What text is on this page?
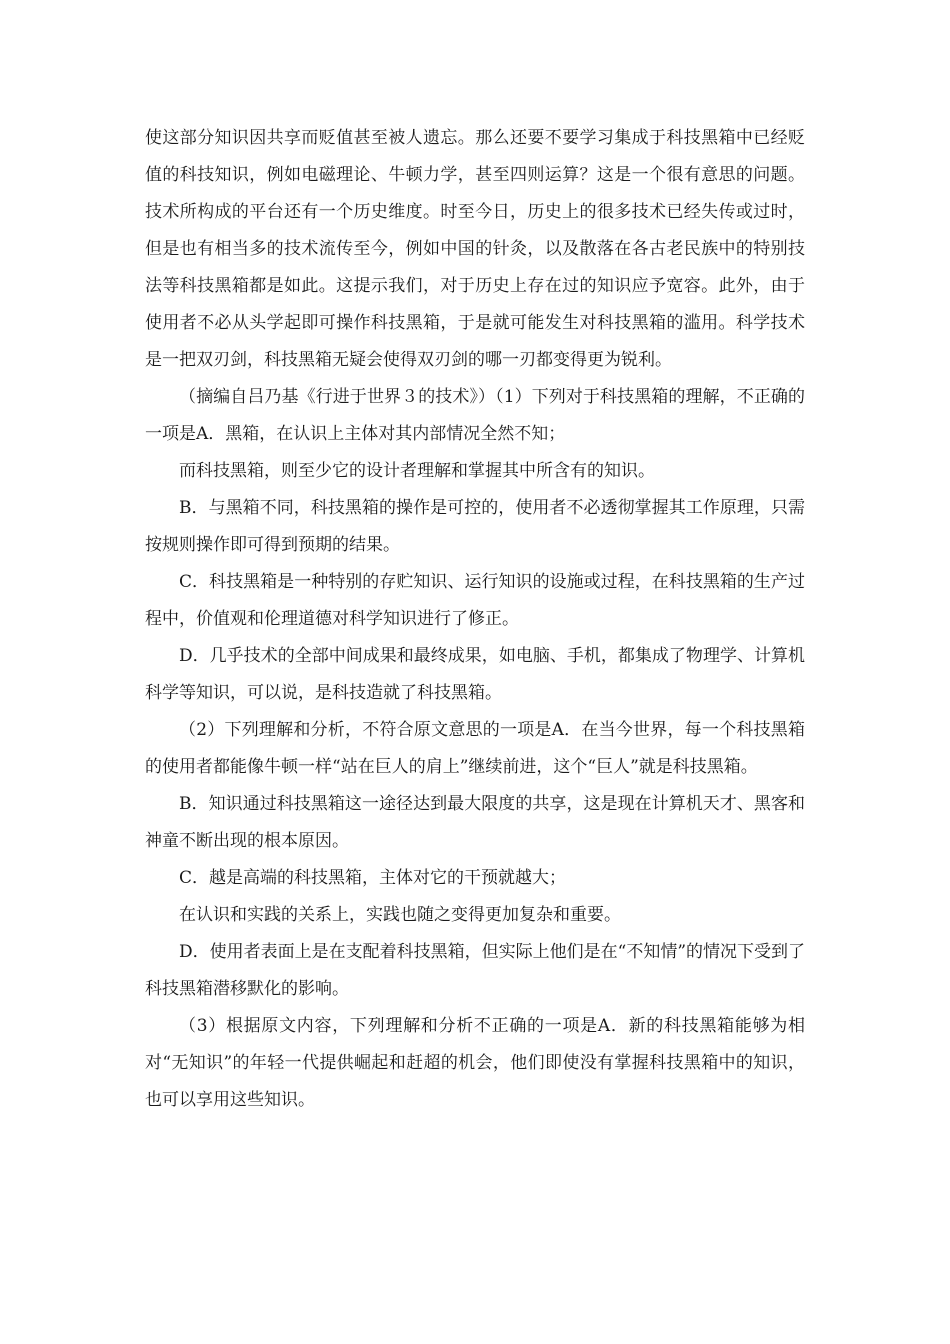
使这部分知识因共享而贬值甚至被人遗忘。那么还要不要学习集成于科技黑箱中已经贬值的科技知识，例如电磁理论、牛顿力学，甚至四则运算？这是一个很有意思的问题。技术所构成的平台还有一个历史维度。时至今日，历史上的很多技术已经失传或过时，但是也有相当多的技术流传至今，例如中国的针灸，以及散落在各古老民族中的特别技法等科技黑箱都是如此。这提示我们，对于历史上存在过的知识应予宽容。此外，由于使用者不必从头学起即可操作科技黑箱，于是就可能发生对科技黑箱的滥用。科学技术是一把双刃剑，科技黑箱无疑会使得双刃剑的哪一刃都变得更为锐利。

（摘编自吕乃基《行进于世界３的技术》）（1）下列对于科技黑箱的理解，不正确的一项是A．黑箱，在认识上主体对其内部情况全然不知；

而科技黑箱，则至少它的设计者理解和掌握其中所含有的知识。

B．与黑箱不同，科技黑箱的操作是可控的，使用者不必透彻掌握其工作原理，只需按规则操作即可得到预期的结果。

C．科技黑箱是一种特别的存贮知识、运行知识的设施或过程，在科技黑箱的生产过程中，价值观和伦理道德对科学知识进行了修正。

D．几乎技术的全部中间成果和最终成果，如电脑、手机，都集成了物理学、计算机科学等知识，可以说，是科技造就了科技黑箱。

（2）下列理解和分析，不符合原文意思的一项是A．在当今世界，每一个科技黑箱的使用者都能像牛顿一样“站在巨人的肩上”继续前进，这个“巨人”就是科技黑箱。

B．知识通过科技黑箱这一途径达到最大限度的共享，这是现在计算机天才、黑客和神童不断出现的根本原因。

C．越是高端的科技黑箱，主体对它的干预就越大；

在认识和实践的关系上，实践也随之变得更加复杂和重要。

D．使用者表面上是在支配着科技黑箱，但实际上他们是在“不知情”的情况下受到了科技黑箱潜移默化的影响。

（3）根据原文内容，下列理解和分析不正确的一项是A．新的科技黑箱能够为相对“无知识”的年轻一代提供崛起和赶超的机会，他们即使没有掌握科技黑箱中的知识，也可以享用这些知识。
